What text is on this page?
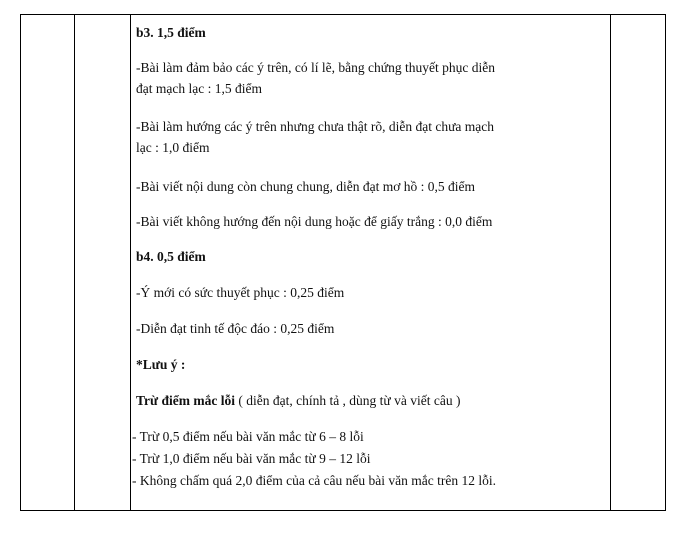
b3. 1,5 điểm
-Bài làm đảm bảo các ý trên, có lí lẽ, bằng chứng thuyết phục diễn
đạt mạch lạc : 1,5 điểm
-Bài làm hướng các ý trên nhưng chưa thật rõ, diễn đạt chưa mạch
lạc : 1,0 điểm
-Bài viết nội dung còn chung chung, diễn đạt mơ hồ : 0,5 điểm
-Bài viết không hướng đến nội dung hoặc để giấy trắng : 0,0 điểm
b4. 0,5 điểm
-Ý mới có sức thuyết phục : 0,25 điểm
-Diễn đạt tinh tế độc đáo : 0,25 điểm
*Lưu ý :
Trừ điểm mắc lỗi ( diễn đạt, chính tả , dùng từ và viết câu )
- Trừ 0,5 điểm nếu bài văn mắc từ 6 – 8 lỗi
- Trừ 1,0 điểm nếu bài văn mắc từ 9 – 12 lỗi
- Không chấm quá 2,0 điểm của cả câu nếu bài văn mắc trên 12 lỗi.
